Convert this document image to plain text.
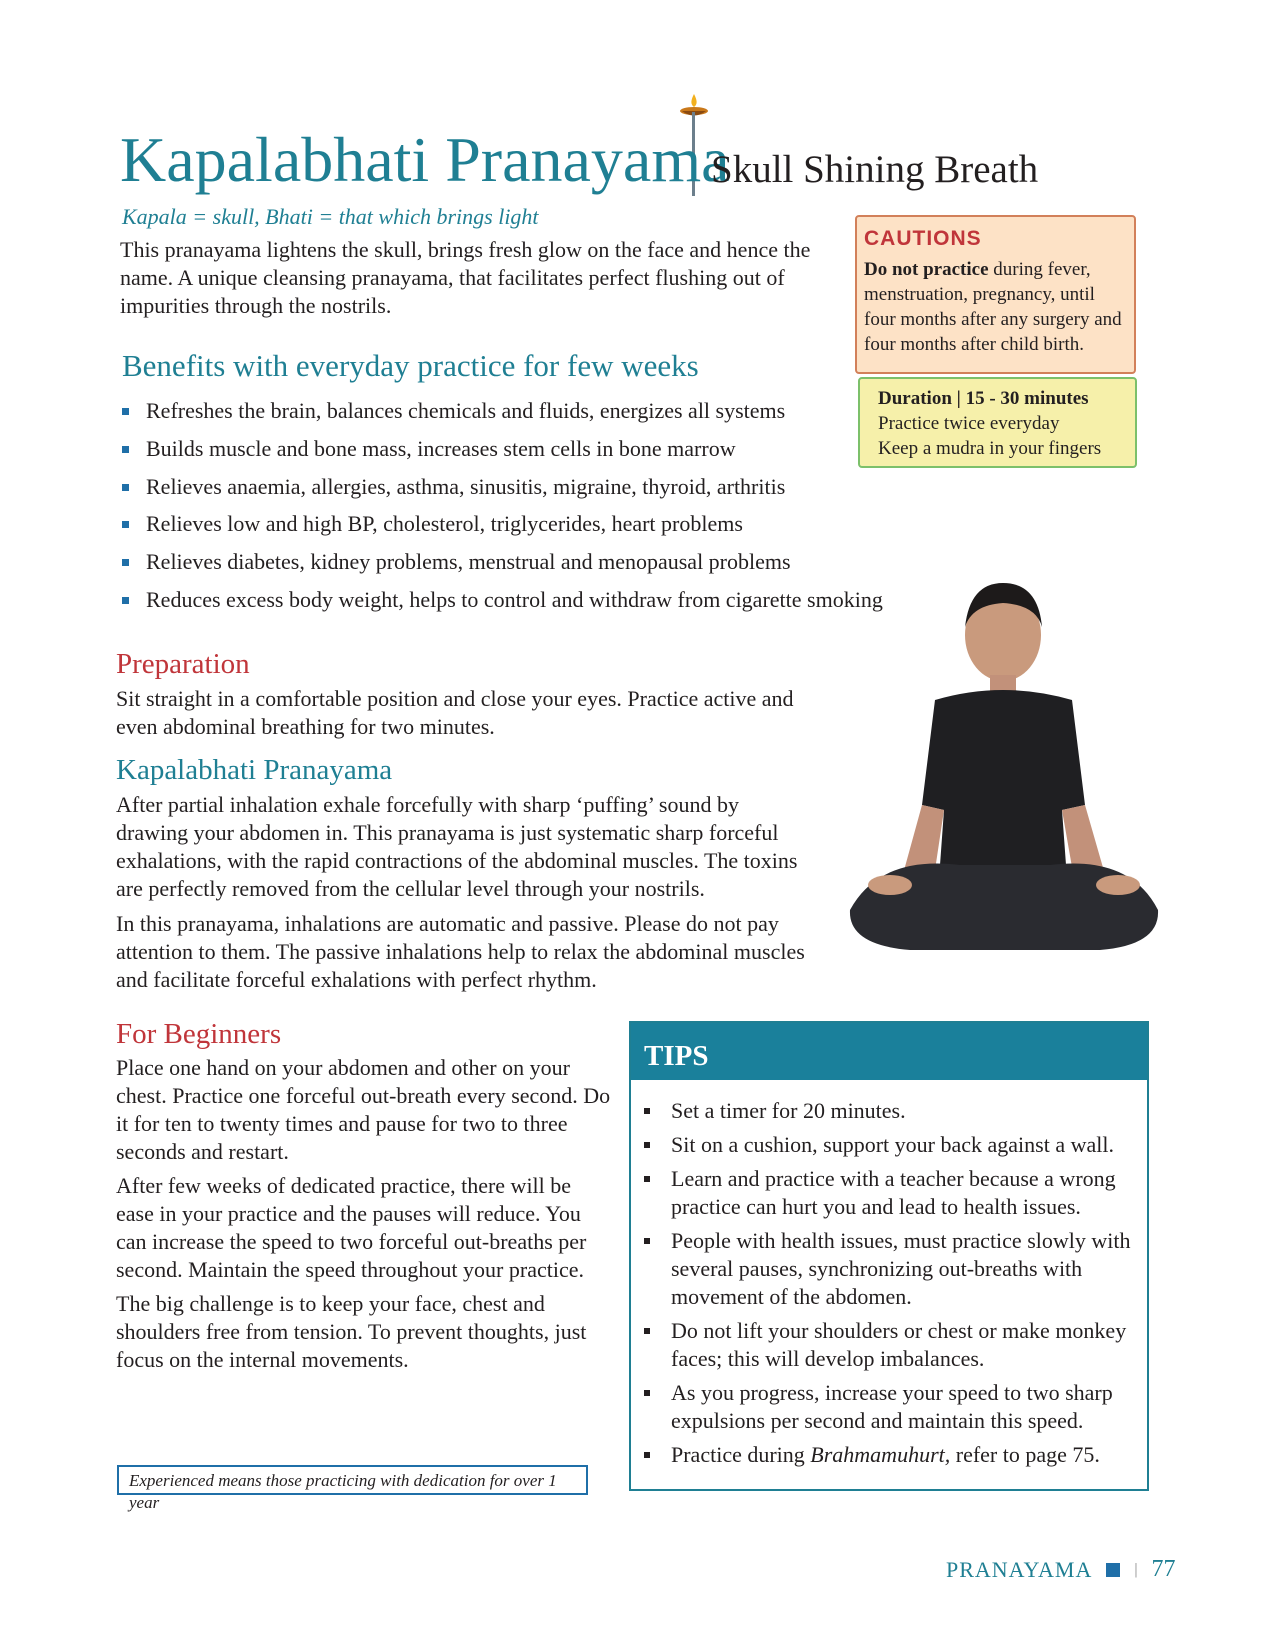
Kapalabhati Pranayama
Skull Shining Breath
Kapala = skull, Bhati = that which brings light

This pranayama lightens the skull, brings fresh glow on the face and hence the name. A unique cleansing pranayama, that facilitates perfect flushing out of impurities through the nostrils.

Benefits with everyday practice for few weeks
Refreshes the brain, balances chemicals and fluids, energizes all systems
Builds muscle and bone mass, increases stem cells in bone marrow
Relieves anaemia, allergies, asthma, sinusitis, migraine, thyroid, arthritis
Relieves low and high BP, cholesterol, triglycerides, heart problems
Relieves diabetes, kidney problems, menstrual and menopausal problems
Reduces excess body weight, helps to control and withdraw from cigarette smoking
CAUTIONS

Do not practice during fever, menstruation, pregnancy, until four months after any surgery and four months after child birth.

Duration | 15 - 30 minutes

Practice twice everyday

Keep a mudra in your fingers

Preparation

Sit straight in a comfortable position and close your eyes. Practice active and even abdominal breathing for two minutes.

Kapalabhati Pranayama

After partial inhalation exhale forcefully with sharp ‘puffing’ sound by drawing your abdomen in. This pranayama is just systematic sharp forceful exhalations, with the rapid contractions of the abdominal muscles. The toxins are perfectly removed from the cellular level through your nostrils.

In this pranayama, inhalations are automatic and passive. Please do not pay attention to them. The passive inhalations help to relax the abdominal muscles and facilitate forceful exhalations with perfect rhythm.

For Beginners

Place one hand on your abdomen and other on your chest. Practice one forceful out-breath every second. Do it for ten to twenty times and pause for two to three seconds and restart.

After few weeks of dedicated practice, there will be ease in your practice and the pauses will reduce. You can increase the speed to two forceful out-breaths per second. Maintain the speed throughout your practice.

The big challenge is to keep your face, chest and shoulders free from tension. To prevent thoughts, just focus on the internal movements.

TIPS
Set a timer for 20 minutes.
Sit on a cushion, support your back against a wall.
Learn and practice with a teacher because a wrong practice can hurt you and lead to health issues.
People with health issues, must practice slowly with several pauses, synchronizing out-breaths with movement of the abdomen.
Do not lift your shoulders or chest or make monkey faces; this will develop imbalances.
As you progress, increase your speed to two sharp expulsions per second and maintain this speed.
Practice during Brahmamuhurt, refer to page 75.
Experienced means those practicing with dedication for over 1 year
PRANAYAMA	| 77
